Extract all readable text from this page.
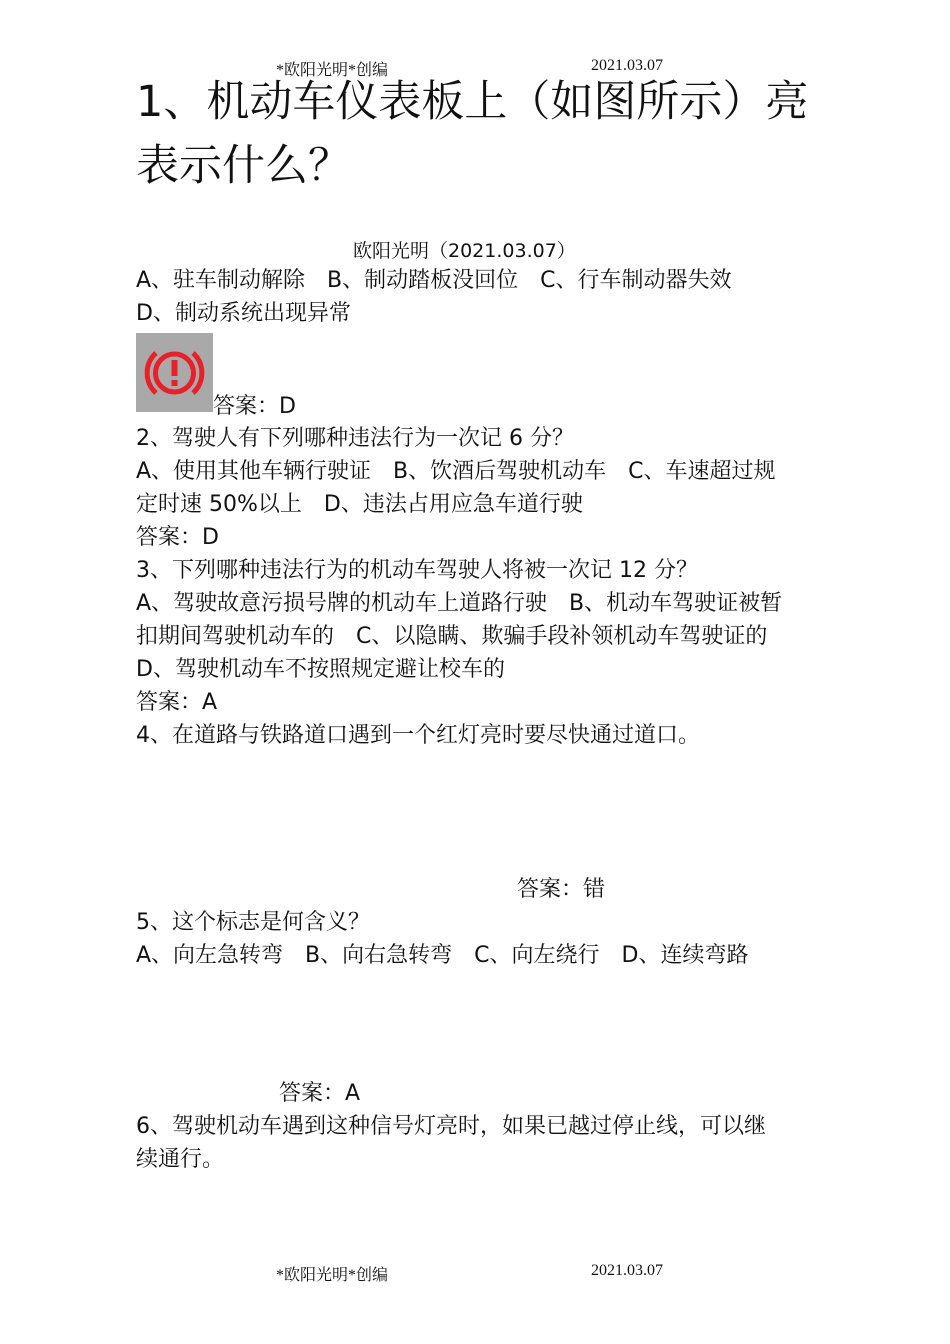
*欧阳光明*创编	2021.03.07
1、机动车仪表板上（如图所示）亮
表示什么？
欧阳光明（2021.03.07）
A、驻车制动解除　B、制动踏板没回位　C、行车制动器失效
D、制动系统出现异常
答案：D
2、驾驶人有下列哪种违法行为一次记 6 分？
A、使用其他车辆行驶证　B、饮酒后驾驶机动车　C、车速超过规
定时速 50%以上　D、违法占用应急车道行驶
答案：D
3、下列哪种违法行为的机动车驾驶人将被一次记 12 分？
A、驾驶故意污损号牌的机动车上道路行驶　B、机动车驾驶证被暂
扣期间驾驶机动车的　C、以隐瞒、欺骗手段补领机动车驾驶证的
D、驾驶机动车不按照规定避让校车的
答案：A
4、在道路与铁路道口遇到一个红灯亮时要尽快通过道口。
答案：错
5、这个标志是何含义？
A、向左急转弯　B、向右急转弯　C、向左绕行　D、连续弯路
答案：A
6、驾驶机动车遇到这种信号灯亮时，如果已越过停止线，可以继
续通行。
*欧阳光明*创编	2021.03.07
